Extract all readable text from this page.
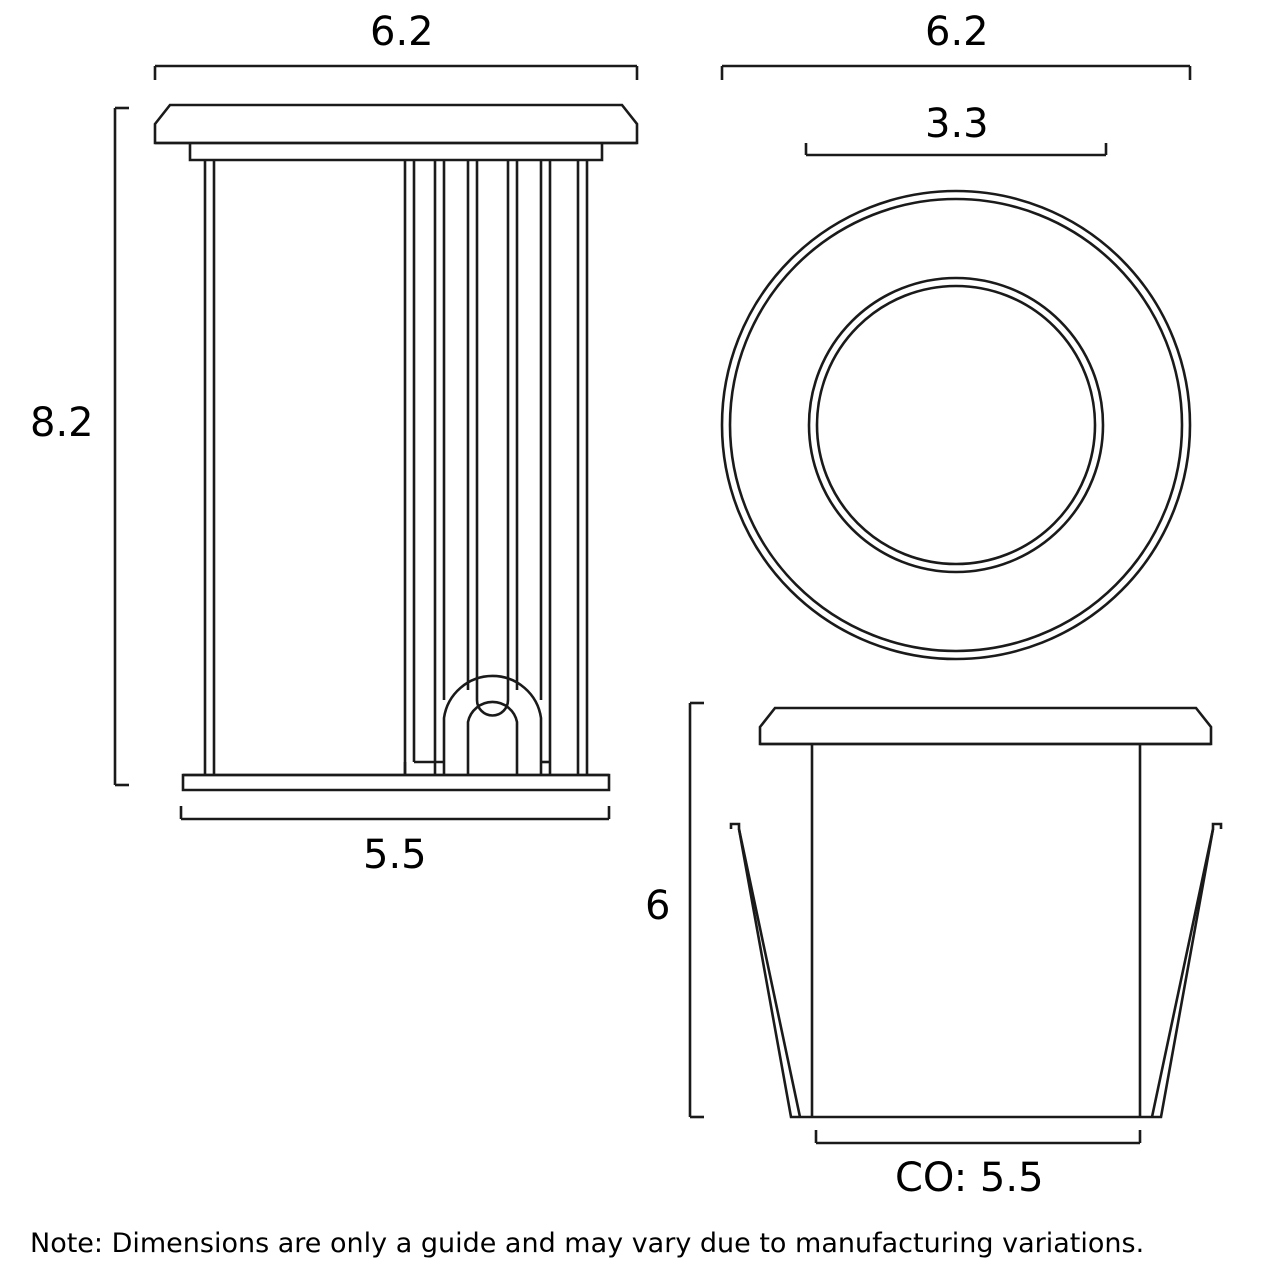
6.2
8.2
5.5
6.2
3.3
6
CO: 5.5
Note: Dimensions are only a guide and may vary due to manufacturing variations.
